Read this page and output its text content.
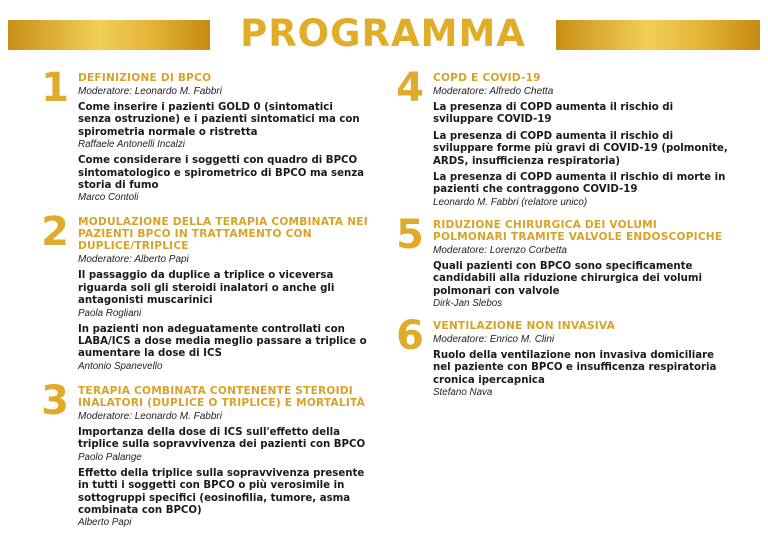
PROGRAMMA
1 DEFINIZIONE DI BPCO
Moderatore: Leonardo M. Fabbri
Come inserire i pazienti GOLD 0 (sintomatici senza ostruzione) e i pazienti sintomatici ma con spirometria normale o ristretta
Raffaele Antonelli Incalzi
Come considerare i soggetti con quadro di BPCO sintomatologico e spirometrico di BPCO ma senza storia di fumo
Marco Contoli
2 MODULAZIONE DELLA TERAPIA COMBINATA NEI PAZIENTI BPCO IN TRATTAMENTO CON DUPLICE/TRIPLICE
Moderatore: Alberto Papi
Il passaggio da duplice a triplice o viceversa riguarda soli gli steroidi inalatori o anche gli antagonisti muscarinici
Paola Rogliani
In pazienti non adeguatamente controllati con LABA/ICS a dose media meglio passare a triplice o aumentare la dose di ICS
Antonio Spanevello
3 TERAPIA COMBINATA CONTENENTE STEROIDI INALATORI (DUPLICE O TRIPLICE) E MORTALITÀ
Moderatore: Leonardo M. Fabbri
Importanza della dose di ICS sull'effetto della triplice sulla sopravvivenza dei pazienti con BPCO
Paolo Palange
Effetto della triplice sulla sopravvivenza presente in tutti i soggetti con BPCO o più verosimile in sottogruppi specifici (eosinofilia, tumore, asma combinata con BPCO)
Alberto Papi
4 COPD E COVID-19
Moderatore: Alfredo Chetta
La presenza di COPD aumenta il rischio di sviluppare COVID-19
La presenza di COPD aumenta il rischio di sviluppare forme più gravi di COVID-19 (polmonite, ARDS, insufficienza respiratoria)
La presenza di COPD aumenta il rischio di morte in pazienti che contraggono COVID-19
Leonardo M. Fabbri (relatore unico)
5 RIDUZIONE CHIRURGICA DEI VOLUMI POLMONARI TRAMITE VALVOLE ENDOSCOPICHE
Moderatore: Lorenzo Corbetta
Quali pazienti con BPCO sono specificamente candidabili alla riduzione chirurgica dei volumi polmonari con valvole
Dirk-Jan Slebos
6 VENTILAZIONE NON INVASIVA
Moderatore: Enrico M. Clini
Ruolo della ventilazione non invasiva domiciliare nel paziente con BPCO e insufficenza respiratoria cronica ipercapnica
Stefano Nava
